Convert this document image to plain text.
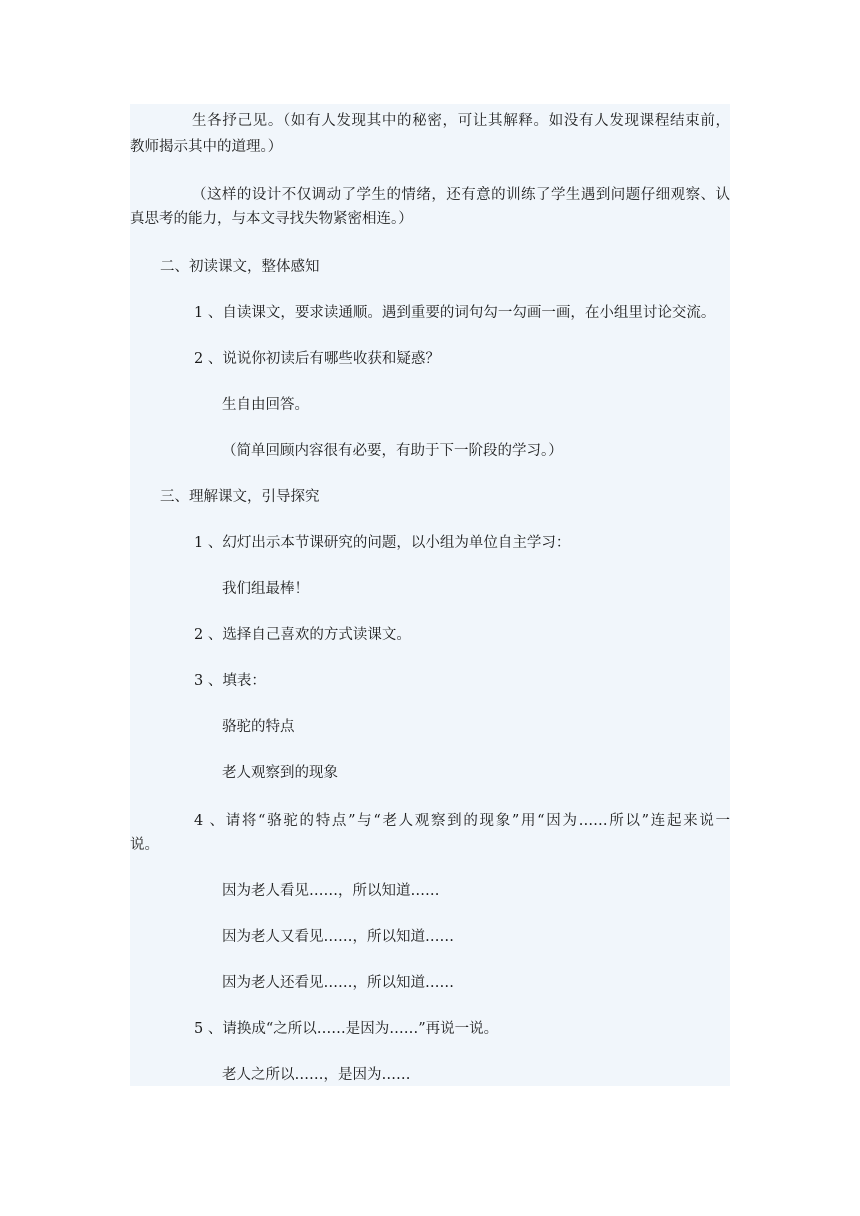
生各抒己见。（如有人发现其中的秘密，可让其解释。如没有人发现课程结束前，
教师揭示其中的道理。）
（这样的设计不仅调动了学生的情绪，还有意的训练了学生遇到问题仔细观察、认
真思考的能力，与本文寻找失物紧密相连。）
二、初读课文，整体感知
1 、自读课文，要求读通顺。遇到重要的词句勾一勾画一画，在小组里讨论交流。
2 、说说你初读后有哪些收获和疑惑？
生自由回答。
（简单回顾内容很有必要，有助于下一阶段的学习。）
三、理解课文，引导探究
1 、幻灯出示本节课研究的问题，以小组为单位自主学习：
我们组最棒！
2 、选择自己喜欢的方式读课文。
3 、填表：
骆驼的特点
老人观察到的现象
4 、请将“骆驼的特点”与“老人观察到的现象”用“因为……所以”连起来说一
说。
因为老人看见……，所以知道……
因为老人又看见……，所以知道……
因为老人还看见……，所以知道……
5 、请换成“之所以……是因为……”再说一说。
老人之所以……，是因为……
